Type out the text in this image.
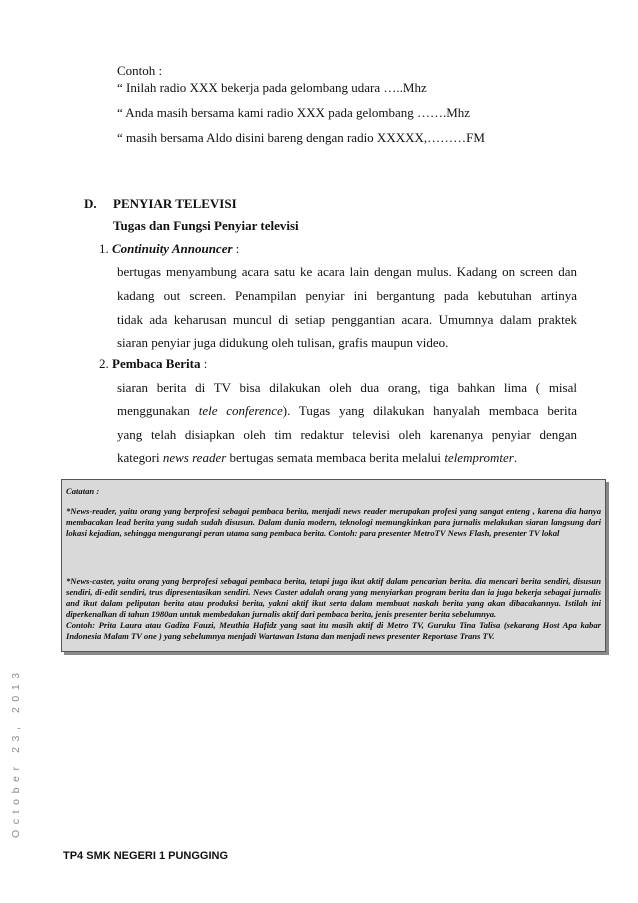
Contoh :
“ Inilah radio XXX bekerja pada gelombang udara …..Mhz
“ Anda masih bersama kami radio XXX pada gelombang …….Mhz
“ masih bersama Aldo disini bareng dengan radio XXXXX,………FM
D. PENYIAR TELEVISI
Tugas dan Fungsi Penyiar televisi
1. Continuity Announcer :
bertugas menyambung acara satu ke acara lain dengan mulus. Kadang on screen dan
kadang out screen. Penampilan penyiar ini bergantung pada kebutuhan artinya
tidak ada keharusan muncul di setiap penggantian acara. Umumnya dalam praktek
siaran penyiar juga didukung oleh tulisan, grafis maupun video.
2. Pembaca Berita :
siaran berita di TV bisa dilakukan oleh dua orang, tiga bahkan lima ( misal
menggunakan tele conference). Tugas yang dilakukan hanyalah membaca berita
yang telah disiapkan oleh tim redaktur televisi oleh karenanya penyiar dengan
kategori news reader bertugas semata membaca berita melalui telempromter.

Catatan :

*News-reader, yaitu orang yang berprofesi sebagai pembaca berita, menjadi news reader merupakan profesi yang sangat enteng , karena dia hanya membacakan lead berita yang sudah sudah disusun. Dalam dunia modern, teknologi memungkinkan para jurnalis melakukan siaran langsung dari lokasi kejadian, sehingga mengurangi peran utama sang pembaca berita. Contoh: para presenter MetroTV News Flash, presenter TV lokal

*News-caster, yaitu orang yang berprofesi sebagai pembaca berita, tetapi juga ikut aktif dalam pencarian berita. dia mencari berita sendiri, disusun sendiri, di-edit sendiri, trus dipresentasikan sendiri. News Caster adalah orang yang menyiarkan program berita dan ia juga bekerja sebagai jurnalis and ikut dalam peliputan berita atau produksi berita, yakni aktif ikut serta dalam membuat naskah berita yang akan dibacakannya. Istilah ini diperkenalkan di tahun 1980an untuk membedakan jurnalis aktif dari pembaca berita, jenis presenter berita sebelumnya.

Contoh: Prita Laura atau Gadiza Fauzi, Meuthia Hafidz yang saat itu masih aktif di Metro TV, Guruku Tina Talisa (sekarang Host Apa kabar Indonesia Malam TV one ) yang sebelumnya menjadi Wartawan Istana dan menjadi news presenter Reportase Trans TV.

October 23, 2013
TP4 SMK NEGERI 1 PUNGGING
